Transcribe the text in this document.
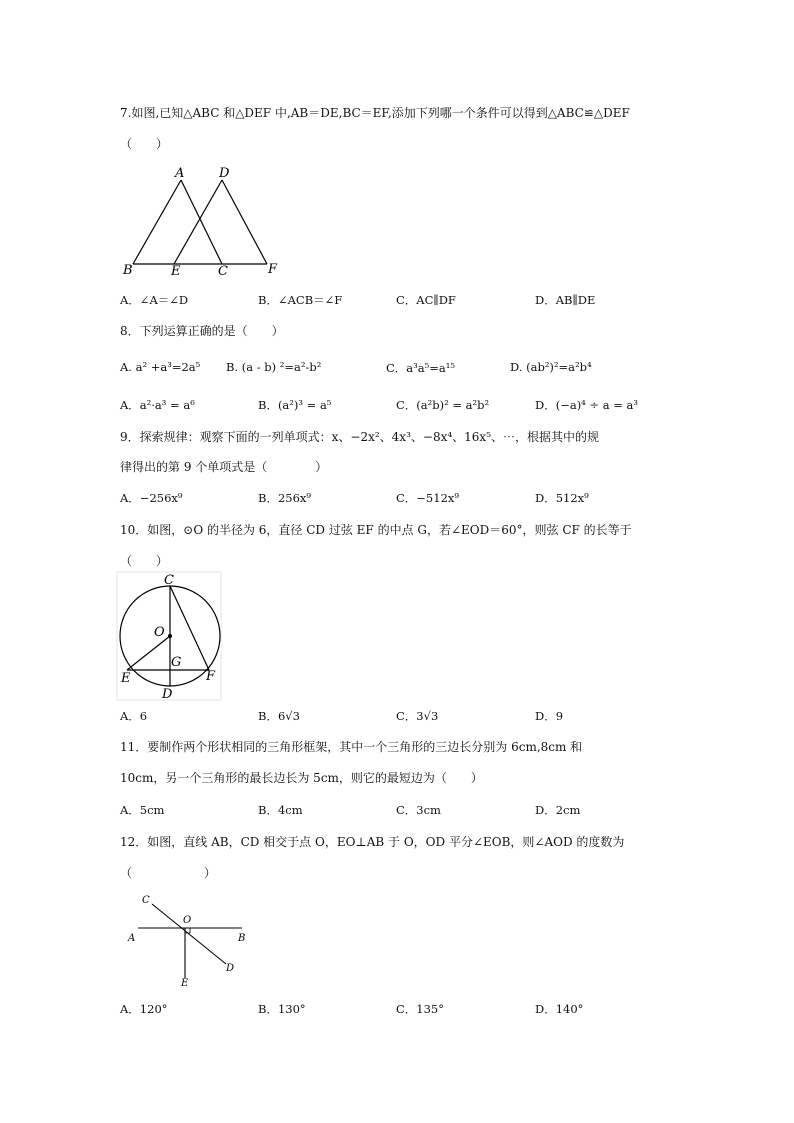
7.如图,已知△ABC 和△DEF 中,AB＝DE,BC＝EF,添加下列哪一个条件可以得到△ABC≌△DEF
（　　）
A	D
B	E	C	F
A．∠A＝∠D	B．∠ACB＝∠F	C．AC∥DF	D．AB∥DE
8．下列运算正确的是（　　）
A. a² +a³=2a⁵ B. (a - b) ²=a²-b²	C．a³a⁵=a¹⁵	D. (ab²)²=a²b⁴
A．a²·a³ = a⁶	B．(a²)³ = a⁵	C．(a²b)² = a²b²	D．(−a)⁴ ÷ a = a³
9．探索规律：观察下面的一列单项式：x、−2x²、4x³、−8x⁴、16x⁵、⋯，根据其中的规
律得出的第 9 个单项式是（　　　　）
A．−256x⁹	B．256x⁹	C．−512x⁹	D．512x⁹
10．如图，⊙O 的半径为 6，直径 CD 过弦 EF 的中点 G，若∠EOD＝60°，则弦 CF 的长等于
（　　）
C
O
G
E
D
F
A．6	B．6√3	C．3√3	D．9
11．要制作两个形状相同的三角形框架，其中一个三角形的三边长分别为 6cm,8cm 和
10cm，另一个三角形的最长边长为 5cm，则它的最短边为（　　）
A．5cm	B．4cm	C．3cm	D．2cm
12．如图，直线 AB，CD 相交于点 O，EO⊥AB 于 O，OD 平分∠EOB，则∠AOD 的度数为
（　　　　　　）
C
O
A	B
E
D
A．120°	B．130°	C．135°	D．140°
